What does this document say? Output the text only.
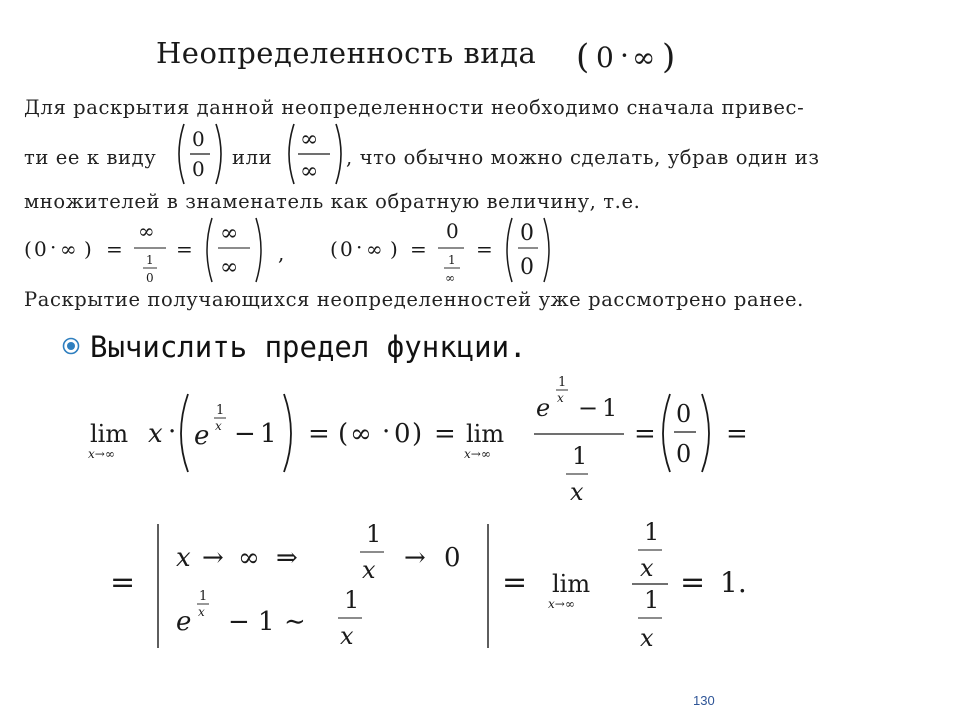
Неопределенность вида ( 0 · ∞ )
Для раскрытия данной неопределенности необходимо сначала привес-
ти ее к виду
0
0 или
∞
∞
, что обычно можно сделать, убрав один из
множителей в знаменатель как обратную величину, т.е.
( 0 · ∞ ) =
∞
1
0
=
∞
∞
, ( 0 · ∞ ) =
0
1
∞
=
0
0
Раскрытие получающихся неопределенностей уже рассмотрено ранее.
Вычислить предел функции.
lim
x→∞
x · e
1
x − 1 = ( ∞ · 0 ) = lim
x→∞
e
1
x − 1
1
x
=
0
0
=
=
x → ∞ ⇒
1
x → 0
e
1
x − 1 ∼
1
x
= lim
x→∞
1
x
1
x
= 1.
130
